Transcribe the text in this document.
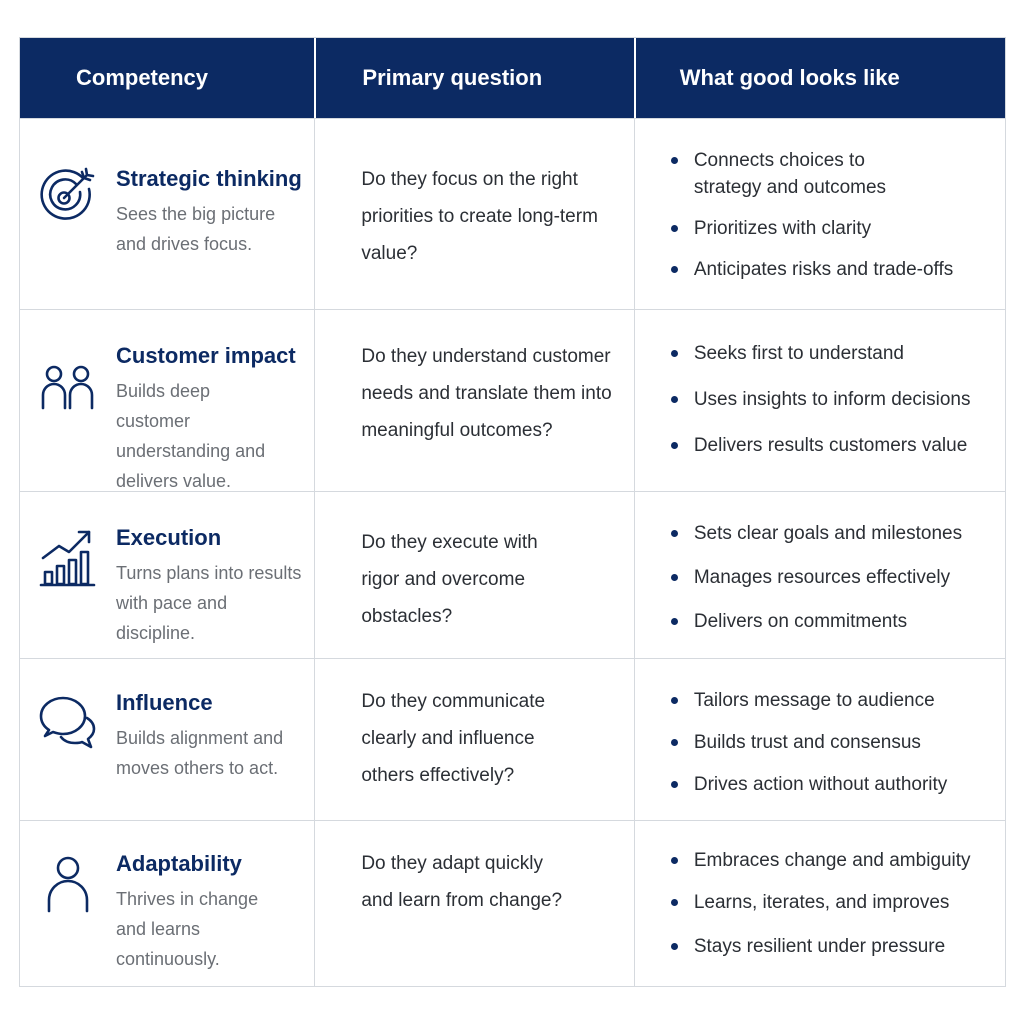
Competency	Primary question	What good looks like
Strategic thinking
Sees the big picture and drives focus.
Do they focus on the right priorities to create long-term value?
Connects choices to strategy and outcomes
Prioritizes with clarity
Anticipates risks and trade-offs
Customer impact
Builds deep customer understanding and delivers value.
Do they understand customer needs and translate them into meaningful outcomes?
Seeks first to understand
Uses insights to inform decisions
Delivers results customers value
Execution
Turns plans into results with pace and discipline.
Do they execute with rigor and overcome obstacles?
Sets clear goals and milestones
Manages resources effectively
Delivers on commitments
Influence
Builds alignment and moves others to act.
Do they communicate clearly and influence others effectively?
Tailors message to audience
Builds trust and consensus
Drives action without authority
Adaptability
Thrives in change and learns continuously.
Do they adapt quickly and learn from change?
Embraces change and ambiguity
Learns, iterates, and improves
Stays resilient under pressure
